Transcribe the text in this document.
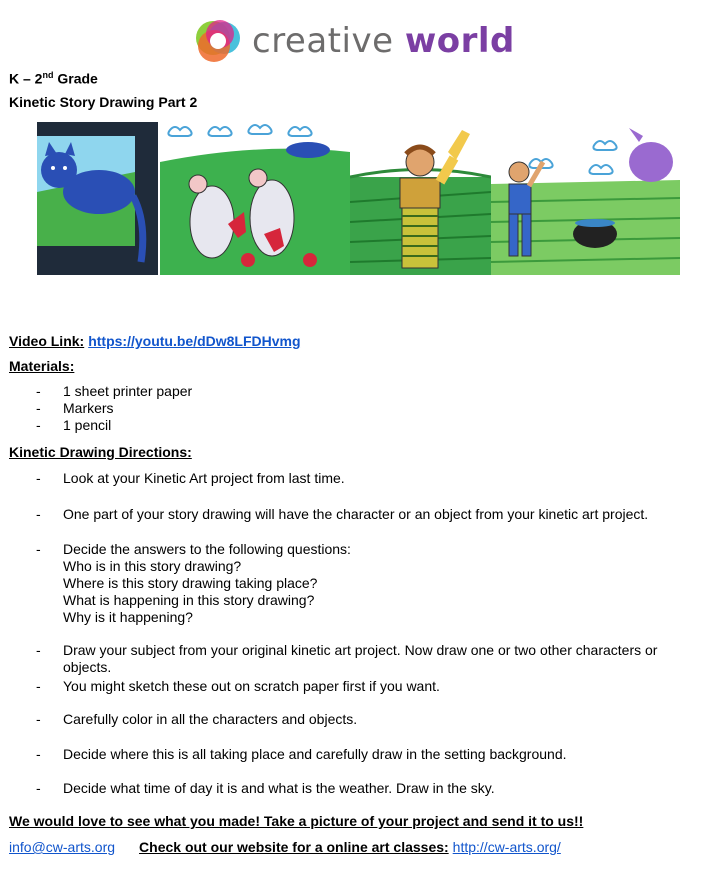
creative world
K – 2nd Grade
Kinetic Story Drawing Part 2
Video Link: https://youtu.be/dDw8LFDHvmg
Materials:
-	1 sheet printer paper
-	Markers
-	1 pencil
Kinetic Drawing Directions:
-	Look at your Kinetic Art project from last time.
-	One part of your story drawing will have the character or an object from your kinetic art project.
-	Decide the answers to the following questions:
Who is in this story drawing?
Where is this story drawing taking place?
What is happening in this story drawing?
Why is it happening?
-	Draw your subject from your original kinetic art project. Now draw one or two other characters or objects.
-	You might sketch these out on scratch paper first if you want.
-	Carefully color in all the characters and objects.
-	Decide where this is all taking place and carefully draw in the setting background.
-	Decide what time of day it is and what is the weather. Draw in the sky.
We would love to see what you made! Take a picture of your project and send it to us!!
info@cw-arts.org Check out our website for a online art classes: http://cw-arts.org/
